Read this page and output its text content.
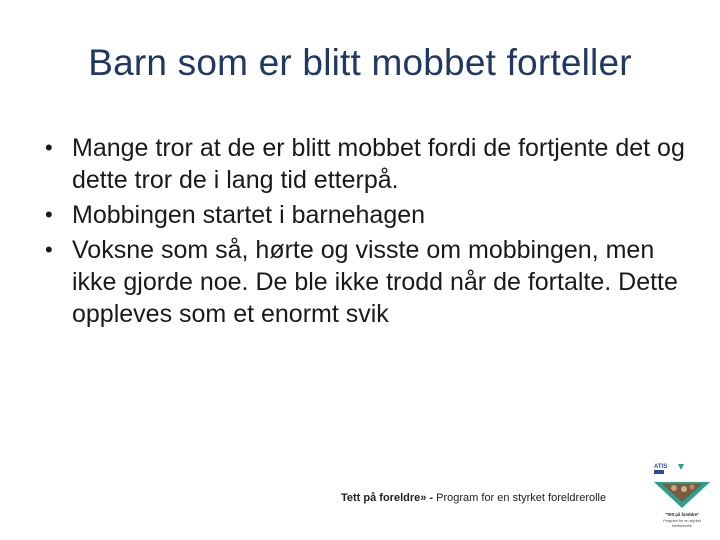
Barn som er blitt mobbet forteller
• Mange tror at de er blitt mobbet fordi de fortjente det og dette tror de i lang tid etterpå.
• Mobbingen startet i barnehagen
• Voksne som så, hørte og visste om mobbingen, men ikke gjorde noe. De ble ikke trodd når de fortalte. Dette oppleves som et enormt svik
Tett på foreldre» - Program for en styrket foreldrerolle
ATIS
"Tett på foreldre"
Program for en styrket
foreldrerolle
